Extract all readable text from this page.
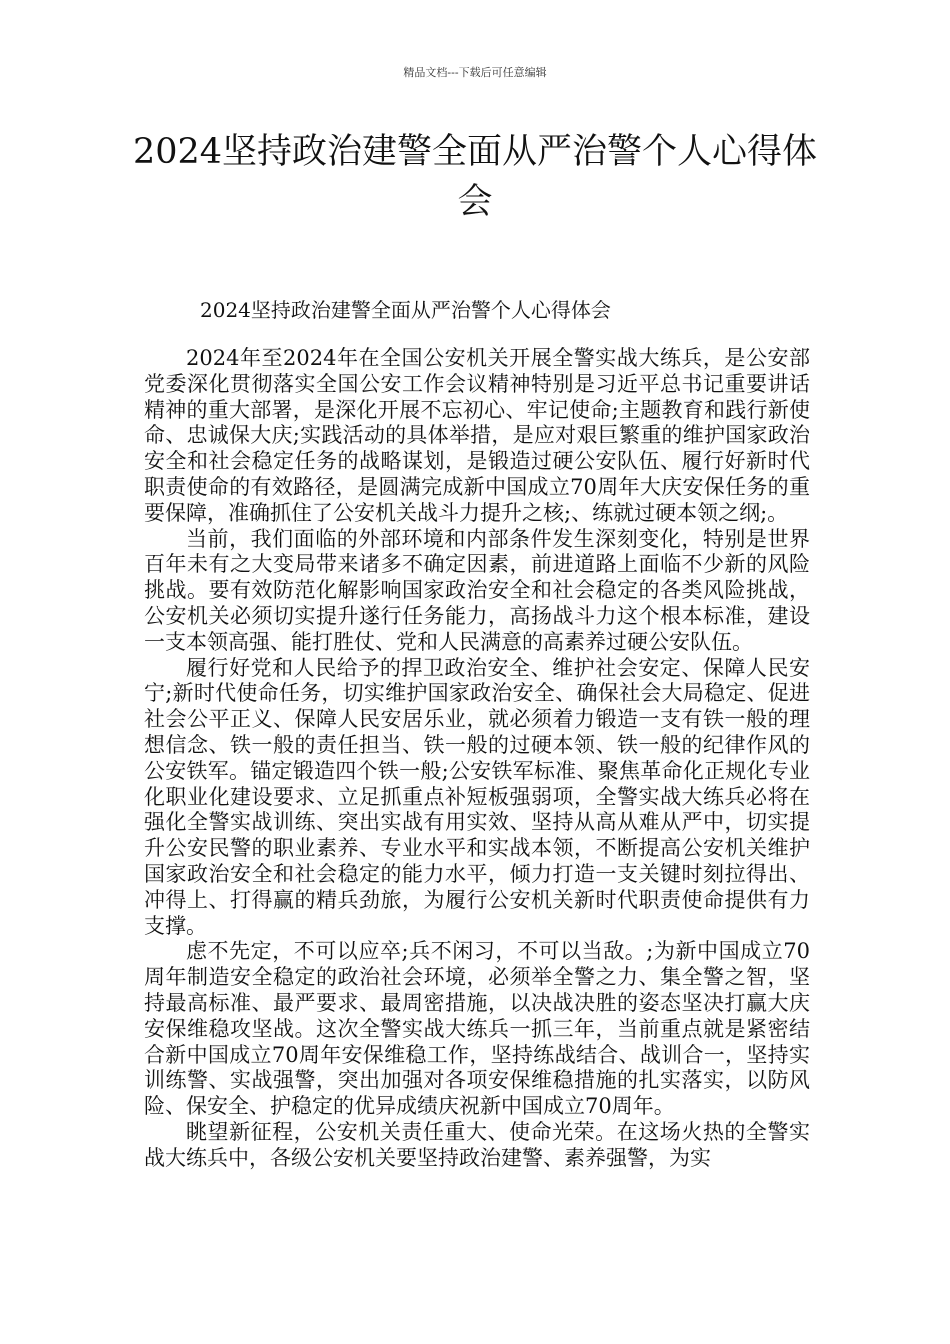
精品文档---下载后可任意编辑
2024坚持政治建警全面从严治警个人心得体会
2024坚持政治建警全面从严治警个人心得体会

2024年至2024年在全国公安机关开展全警实战大练兵，是公安部党委深化贯彻落实全国公安工作会议精神特别是习近平总书记重要讲话精神的重大部署，是深化开展不忘初心、牢记使命;主题教育和践行新使命、忠诚保大庆;实践活动的具体举措，是应对艰巨繁重的维护国家政治安全和社会稳定任务的战略谋划，是锻造过硬公安队伍、履行好新时代职责使命的有效路径，是圆满完成新中国成立70周年大庆安保任务的重要保障，准确抓住了公安机关战斗力提升之核;、练就过硬本领之纲;。

当前，我们面临的外部环境和内部条件发生深刻变化，特别是世界百年未有之大变局带来诸多不确定因素，前进道路上面临不少新的风险挑战。要有效防范化解影响国家政治安全和社会稳定的各类风险挑战，公安机关必须切实提升遂行任务能力，高扬战斗力这个根本标准，建设一支本领高强、能打胜仗、党和人民满意的高素养过硬公安队伍。

履行好党和人民给予的捍卫政治安全、维护社会安定、保障人民安宁;新时代使命任务，切实维护国家政治安全、确保社会大局稳定、促进社会公平正义、保障人民安居乐业，就必须着力锻造一支有铁一般的理想信念、铁一般的责任担当、铁一般的过硬本领、铁一般的纪律作风的公安铁军。锚定锻造四个铁一般;公安铁军标准、聚焦革命化正规化专业化职业化建设要求、立足抓重点补短板强弱项，全警实战大练兵必将在强化全警实战训练、突出实战有用实效、坚持从高从难从严中，切实提升公安民警的职业素养、专业水平和实战本领，不断提高公安机关维护国家政治安全和社会稳定的能力水平，倾力打造一支关键时刻拉得出、冲得上、打得赢的精兵劲旅，为履行公安机关新时代职责使命提供有力支撑。

虑不先定，不可以应卒;兵不闲习，不可以当敌。;为新中国成立70周年制造安全稳定的政治社会环境，必须举全警之力、集全警之智，坚持最高标准、最严要求、最周密措施，以决战决胜的姿态坚决打赢大庆安保维稳攻坚战。这次全警实战大练兵一抓三年，当前重点就是紧密结合新中国成立70周年安保维稳工作，坚持练战结合、战训合一，坚持实训练警、实战强警，突出加强对各项安保维稳措施的扎实落实，以防风险、保安全、护稳定的优异成绩庆祝新中国成立70周年。

眺望新征程，公安机关责任重大、使命光荣。在这场火热的全警实战大练兵中，各级公安机关要坚持政治建警、素养强警，为实
